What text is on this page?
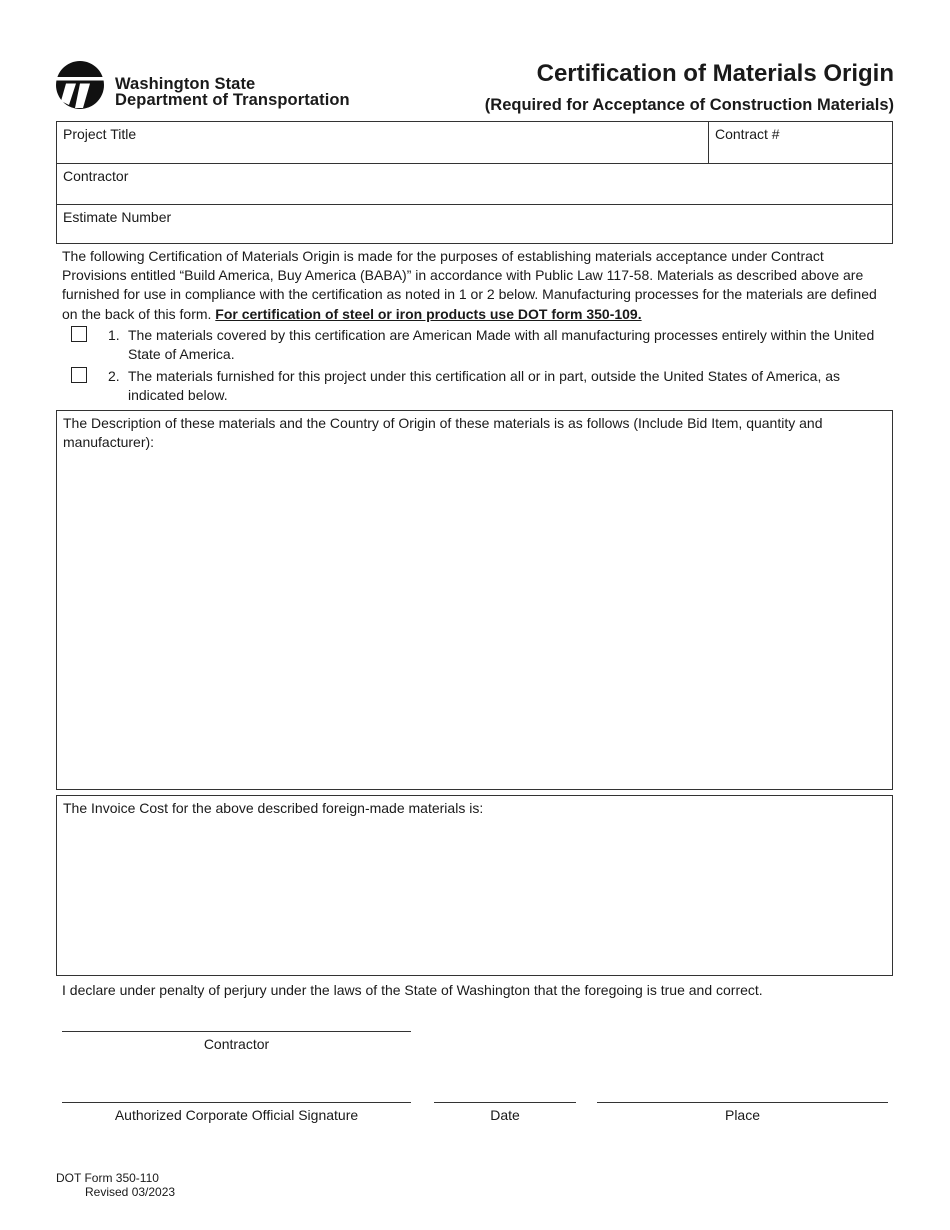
Washington State
Department of Transportation
Certification of Materials Origin
(Required for Acceptance of Construction Materials)
Project Title	Contract #
Contractor
Estimate Number
The following Certification of Materials Origin is made for the purposes of establishing materials acceptance under Contract Provisions entitled “Build America, Buy America (BABA)” in accordance with Public Law 117-58. Materials as described above are furnished for use in compliance with the certification as noted in 1 or 2 below. Manufacturing processes for the materials are defined on the back of this form. For certification of steel or iron products use DOT form 350-109.
1. The materials covered by this certification are American Made with all manufacturing processes entirely within the United State of America.
2. The materials furnished for this project under this certification all or in part, outside the United States of America, as indicated below.
The Description of these materials and the Country of Origin of these materials is as follows (Include Bid Item, quantity and manufacturer):
The Invoice Cost for the above described foreign-made materials is:
I declare under penalty of perjury under the laws of the State of Washington that the foregoing is true and correct.
Contractor
Authorized Corporate Official Signature	Date	Place
DOT Form 350-110
Revised 03/2023
